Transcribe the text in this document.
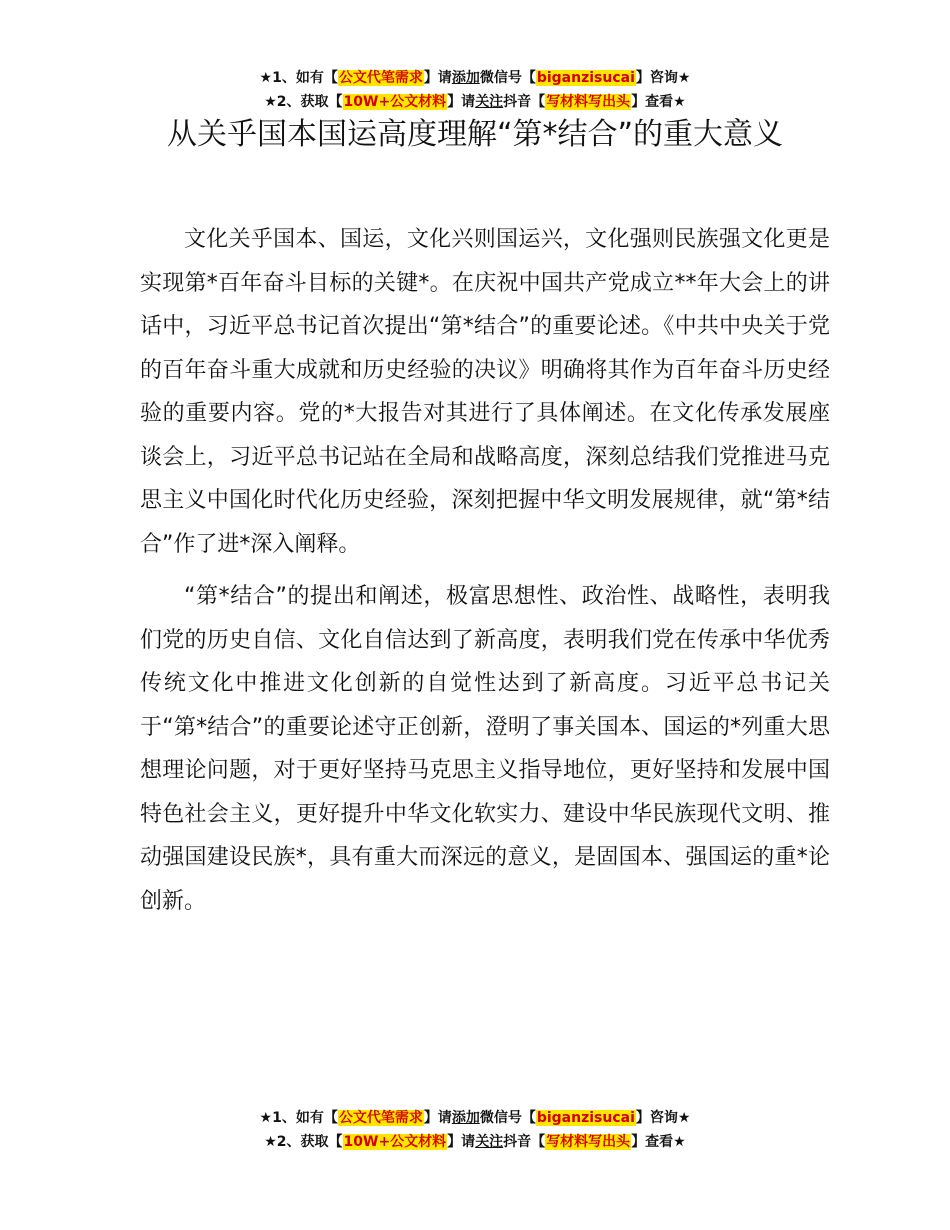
★1、如有【公文代笔需求】请添加微信号【biganzisucai】咨询★
★2、获取【10W+公文材料】请关注抖音【写材料写出头】查看★
从关乎国本国运高度理解“第*结合”的重大意义

文化关乎国本、国运，文化兴则国运兴，文化强则民族强文化更是实现第*百年奋斗目标的关键*。在庆祝中国共产党成立**年大会上的讲话中，习近平总书记首次提出“第*结合”的重要论述。《中共中央关于党的百年奋斗重大成就和历史经验的决议》明确将其作为百年奋斗历史经验的重要内容。党的*大报告对其进行了具体阐述。在文化传承发展座谈会上，习近平总书记站在全局和战略高度，深刻总结我们党推进马克思主义中国化时代化历史经验，深刻把握中华文明发展规律，就“第*结合”作了进*深入阐释。

“第*结合”的提出和阐述，极富思想性、政治性、战略性，表明我们党的历史自信、文化自信达到了新高度，表明我们党在传承中华优秀传统文化中推进文化创新的自觉性达到了新高度。习近平总书记关于“第*结合”的重要论述守正创新，澄明了事关国本、国运的*列重大思想理论问题，对于更好坚持马克思主义指导地位，更好坚持和发展中国特色社会主义，更好提升中华文化软实力、建设中华民族现代文明、推动强国建设民族*，具有重大而深远的意义，是固国本、强国运的重*论创新。

★1、如有【公文代笔需求】请添加微信号【biganzisucai】咨询★
★2、获取【10W+公文材料】请关注抖音【写材料写出头】查看★
